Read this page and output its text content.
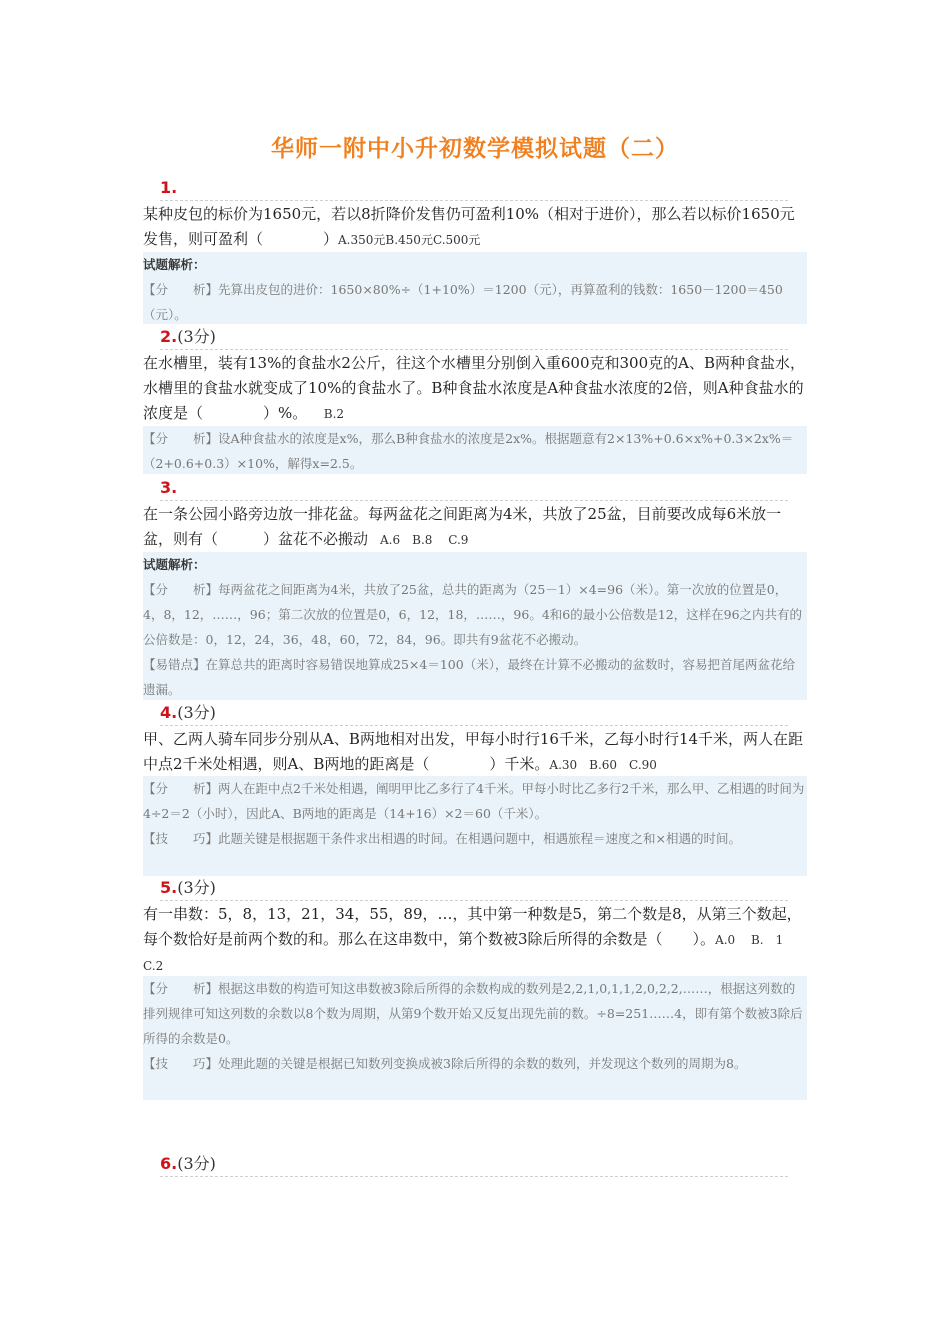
华师一附中小升初数学模拟试题（二）
1.
某种皮包的标价为1650元，若以8折降价发售仍可盈利10%（相对于进价），那么若以标价1650元发售，则可盈利（　　　　）A.350元B.450元C.500元
试题解析：
【分　　析】先算出皮包的进价：1650×80%÷（1+10%）＝1200（元），再算盈利的钱数：1650－1200＝450（元）。
2.(3分)
在水槽里，装有13%的食盐水2公斤，往这个水槽里分别倒入重600克和300克的A、B两种食盐水，水槽里的食盐水就变成了10%的食盐水了。B种食盐水浓度是A种食盐水浓度的2倍，则A种食盐水的浓度是（　　　　）%。　　B.2
【分　　析】设A种食盐水的浓度是x%，那么B种食盐水的浓度是2x%。根据题意有2×13%+0.6×x%+0.3×2x%＝（2+0.6+0.3）×10%，解得x=2.5。
3.
在一条公园小路旁边放一排花盆。每两盆花之间距离为4米，共放了25盆，目前要改成每6米放一盆，则有（　　　）盆花不必搬动　A.6　B.8　 C.9
试题解析：
【分　　析】每两盆花之间距离为4米，共放了25盆，总共的距离为（25－1）×4=96（米）。第一次放的位置是0，4，8，12，……，96；第二次放的位置是0，6，12，18，……，96。4和6的最小公倍数是12，这样在96之内共有的公倍数是：0，12，24，36，48，60，72，84，96。即共有9盆花不必搬动。
【易错点】在算总共的距离时容易错误地算成25×4＝100（米），最终在计算不必搬动的盆数时，容易把首尾两盆花给遗漏。
4.(3分)
甲、乙两人骑车同步分别从A、B两地相对出发，甲每小时行16千米，乙每小时行14千米，两人在距中点2千米处相遇，则A、B两地的距离是（　　　　）千米。A.30　B.60　C.90
【分　　析】两人在距中点2千米处相遇，阐明甲比乙多行了4千米。甲每小时比乙多行2千米，那么甲、乙相遇的时间为4÷2＝2（小时），因此A、B两地的距离是（14+16）×2＝60（千米）。
【技　　巧】此题关键是根据题干条件求出相遇的时间。在相遇问题中，相遇旅程＝速度之和×相遇的时间。
5.(3分)
有一串数：5，8，13，21，34，55，89，…，其中第一种数是5，第二个数是8，从第三个数起，每个数恰好是前两个数的和。那么在这串数中，第个数被3除后所得的余数是（　　）。A.0　 B.　1　 C.2
【分　　析】根据这串数的构造可知这串数被3除后所得的余数构成的数列是2,2,1,0,1,1,2,0,2,2,……，根据这列数的排列规律可知这列数的余数以8个数为周期，从第9个数开始又反复出现先前的数。÷8=251……4，即有第个数被3除后所得的余数是0。
【技　　巧】处理此题的关键是根据已知数列变换成被3除后所得的余数的数列，并发现这个数列的周期为8。
6.(3分)
